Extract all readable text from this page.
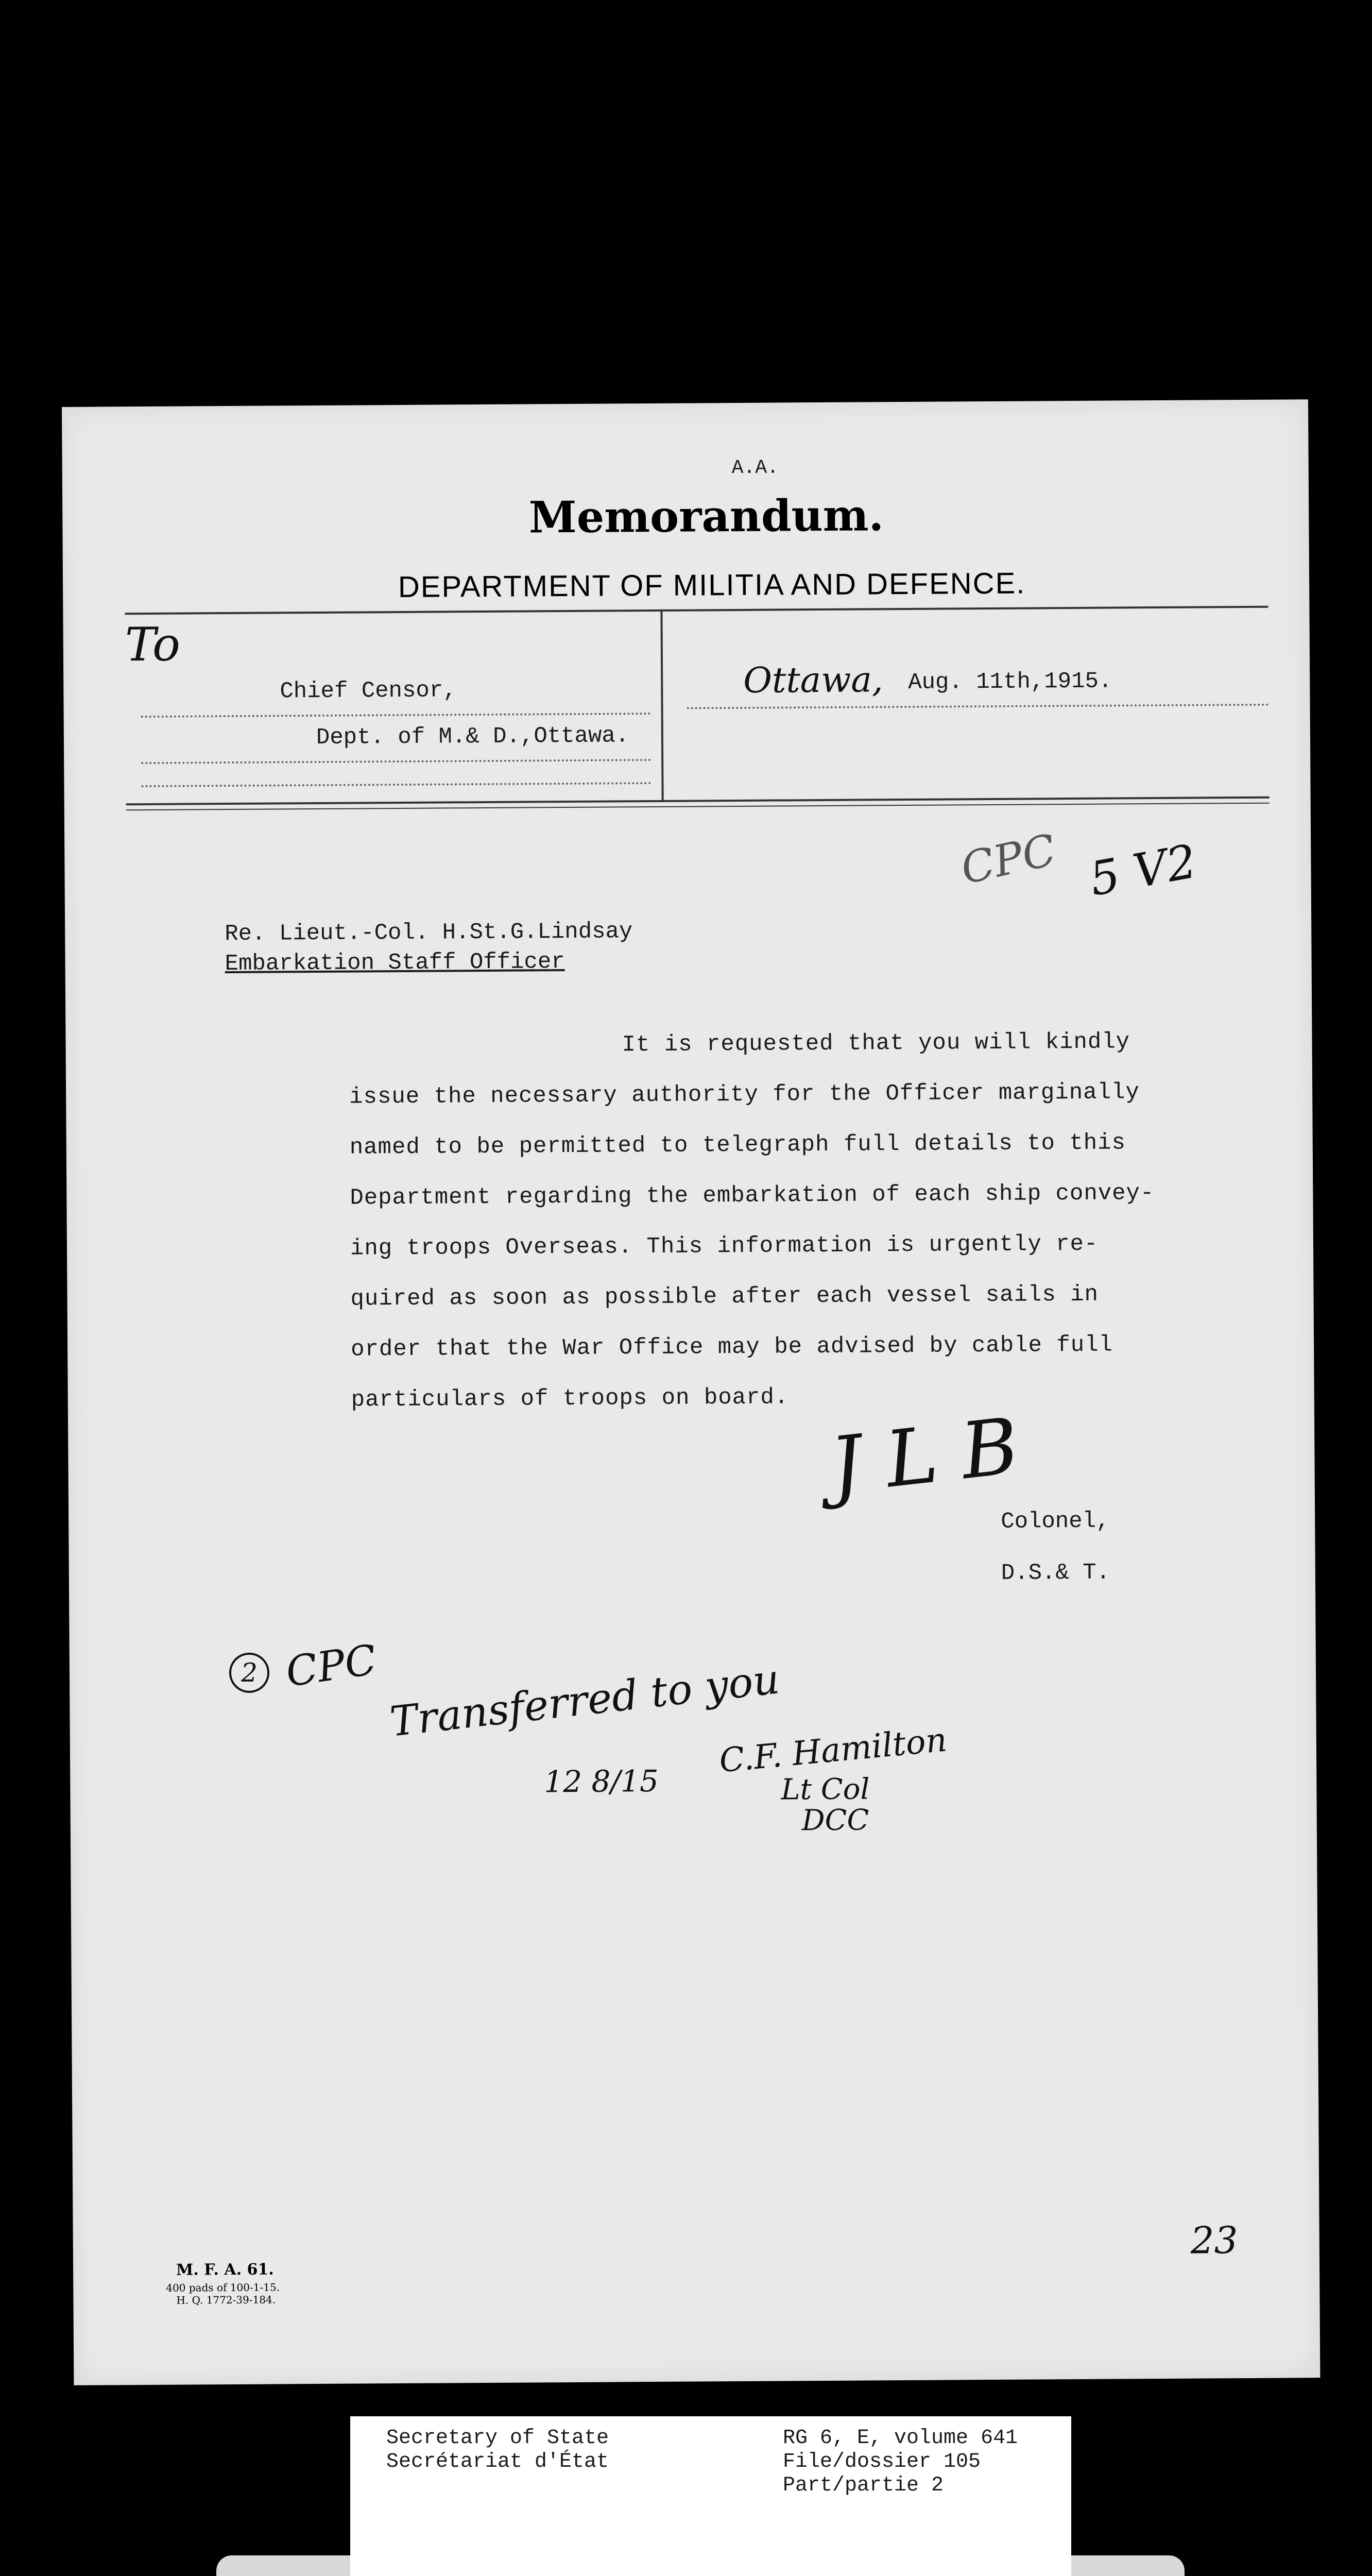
A.A.
Memorandum.
DEPARTMENT OF MILITIA AND DEFENCE.
To
Chief Censor,
Dept. of M.& D.,Ottawa.
Ottawa, Aug. 11th,1915.
CPC 5 V2
Re. Lieut.-Col. H.St.G.Lindsay
Embarkation Staff Officer
It is requested that you will kindly
issue the necessary authority for the Officer marginally
named to be permitted to telegraph full details to this
Department regarding the embarkation of each ship convey-
ing troops Overseas. This information is urgently re-
quired as soon as possible after each vessel sails in
order that the War Office may be advised by cable full
particulars of troops on board.
J L B
Colonel,
D.S.& T.
2 CPC Transferred to you
12 8/15
C.F. Hamilton
Lt Col
DCC
M. F. A. 61.
400 pads of 100-1-15.
H. Q. 1772-39-184.
23
Secretary of State
Secrétariat d'État
RG 6, E, volume 641
File/dossier 105
Part/partie 2
